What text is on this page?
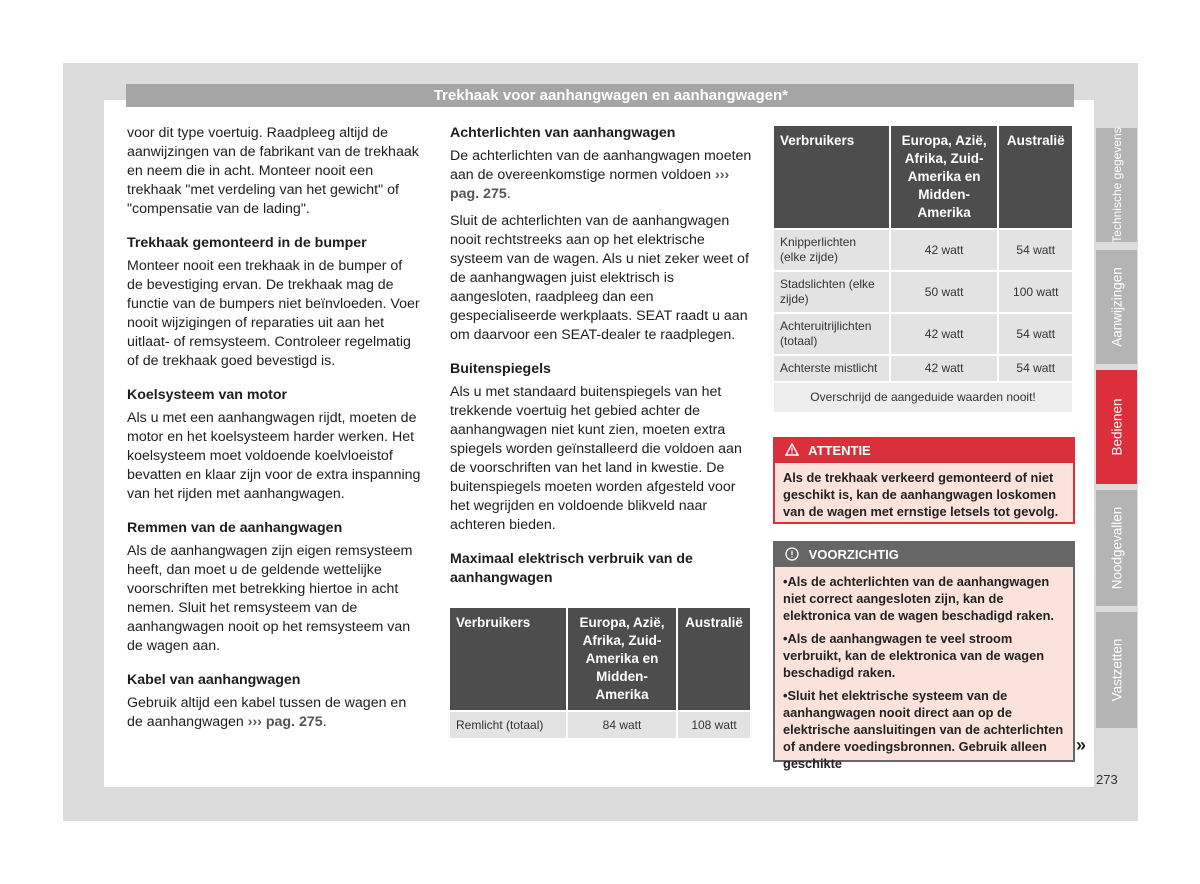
Trekhaak voor aanhangwagen en aanhangwagen*

voor dit type voertuig. Raadpleeg altijd de aanwijzingen van de fabrikant van de trekhaak en neem die in acht. Monteer nooit een trekhaak "met verdeling van het gewicht" of "compensatie van de lading".

Trekhaak gemonteerd in de bumper

Monteer nooit een trekhaak in de bumper of de bevestiging ervan. De trekhaak mag de functie van de bumpers niet beïnvloeden. Voer nooit wijzigingen of reparaties uit aan het uitlaat- of remsysteem. Controleer regelmatig of de trekhaak goed bevestigd is.

Koelsysteem van motor

Als u met een aanhangwagen rijdt, moeten de motor en het koelsysteem harder werken. Het koelsysteem moet voldoende koelvloeistof bevatten en klaar zijn voor de extra inspanning van het rijden met aanhangwagen.

Remmen van de aanhangwagen

Als de aanhangwagen zijn eigen remsysteem heeft, dan moet u de geldende wettelijke voorschriften met betrekking hiertoe in acht nemen. Sluit het remsysteem van de aanhangwagen nooit op het remsysteem van de wagen aan.

Kabel van aanhangwagen

Gebruik altijd een kabel tussen de wagen en de aanhangwagen ››› pag. 275.

Achterlichten van aanhangwagen

De achterlichten van de aanhangwagen moeten aan de overeenkomstige normen voldoen ››› pag. 275.

Sluit de achterlichten van de aanhangwagen nooit rechtstreeks aan op het elektrische systeem van de wagen. Als u niet zeker weet of de aanhangwagen juist elektrisch is aangesloten, raadpleeg dan een gespecialiseerde werkplaats. SEAT raadt u aan om daarvoor een SEAT-dealer te raadplegen.

Buitenspiegels

Als u met standaard buitenspiegels van het trekkende voertuig het gebied achter de aanhangwagen niet kunt zien, moeten extra spiegels worden geïnstalleerd die voldoen aan de voorschriften van het land in kwestie. De buitenspiegels moeten worden afgesteld voor het wegrijden en voldoende blikveld naar achteren bieden.

Maximaal elektrisch verbruik van de aanhangwagen
Verbruikers	Europa, Azië, Afrika, Zuid-Amerika en Midden-Amerika	Australië
Remlicht (totaal)	84 watt	108 watt
Verbruikers	Europa, Azië, Afrika, Zuid-Amerika en Midden-Amerika	Australië
Knipperlichten (elke zijde)	42 watt	54 watt
Stadslichten (elke zijde)	50 watt	100 watt
Achteruitrijlichten (totaal)	42 watt	54 watt
Achterste mistlicht	42 watt	54 watt
Overschrijd de aangeduide waarden nooit!		
ATTENTIE
Als de trekhaak verkeerd gemonteerd of niet geschikt is, kan de aanhangwagen loskomen van de wagen met ernstige letsels tot gevolg.
VOORZICHTIG
• Als de achterlichten van de aanhangwagen niet correct aangesloten zijn, kan de elektronica van de wagen beschadigd raken.
• Als de aanhangwagen te veel stroom verbruikt, kan de elektronica van de wagen beschadigd raken.
• Sluit het elektrische systeem van de aanhangwagen nooit direct aan op de elektrische aansluitingen van de achterlichten of andere voedingsbronnen. Gebruik alleen geschikte
»
Technische gegevens
Aanwijzingen
Bedienen
Noodgevallen
Vastzetten
273
